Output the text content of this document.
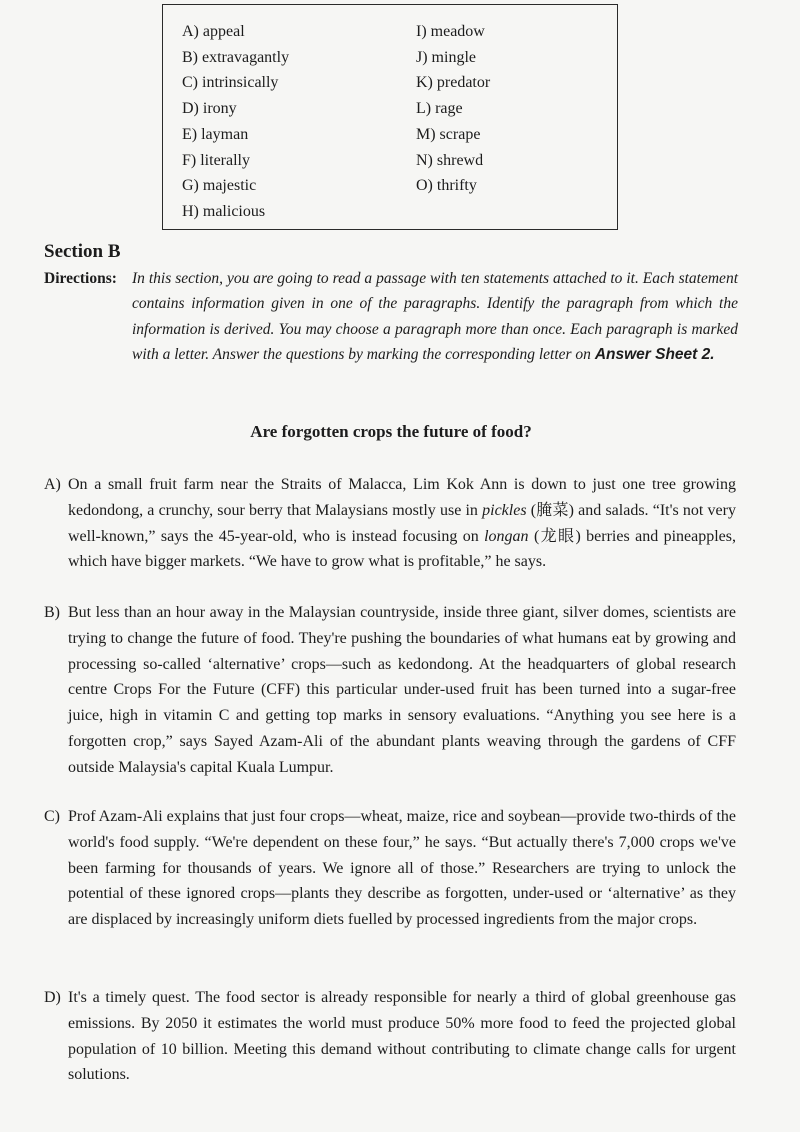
A) appeal
B) extravagantly
C) intrinsically
D) irony
E) layman
F) literally
G) majestic
H) malicious
I) meadow
J) mingle
K) predator
L) rage
M) scrape
N) shrewd
O) thrifty
Section B
Directions: In this section, you are going to read a passage with ten statements attached to it. Each statement contains information given in one of the paragraphs. Identify the paragraph from which the information is derived. You may choose a paragraph more than once. Each paragraph is marked with a letter. Answer the questions by marking the corresponding letter on Answer Sheet 2.
Are forgotten crops the future of food?
A) On a small fruit farm near the Straits of Malacca, Lim Kok Ann is down to just one tree growing kedondong, a crunchy, sour berry that Malaysians mostly use in pickles (腌菜) and salads. “It's not very well-known,” says the 45-year-old, who is instead focusing on longan (龙眼) berries and pineapples, which have bigger markets. “We have to grow what is profitable,” he says.
B) But less than an hour away in the Malaysian countryside, inside three giant, silver domes, scientists are trying to change the future of food. They're pushing the boundaries of what humans eat by growing and processing so-called ‘alternative’ crops—such as kedondong. At the headquarters of global research centre Crops For the Future (CFF) this particular under-used fruit has been turned into a sugar-free juice, high in vitamin C and getting top marks in sensory evaluations. “Anything you see here is a forgotten crop,” says Sayed Azam-Ali of the abundant plants weaving through the gardens of CFF outside Malaysia's capital Kuala Lumpur.
C) Prof Azam-Ali explains that just four crops—wheat, maize, rice and soybean—provide two-thirds of the world's food supply. “We're dependent on these four,” he says. “But actually there's 7,000 crops we've been farming for thousands of years. We ignore all of those.” Researchers are trying to unlock the potential of these ignored crops—plants they describe as forgotten, under-used or ‘alternative’ as they are displaced by increasingly uniform diets fuelled by processed ingredients from the major crops.
D) It's a timely quest. The food sector is already responsible for nearly a third of global greenhouse gas emissions. By 2050 it estimates the world must produce 50% more food to feed the projected global population of 10 billion. Meeting this demand without contributing to climate change calls for urgent solutions.
